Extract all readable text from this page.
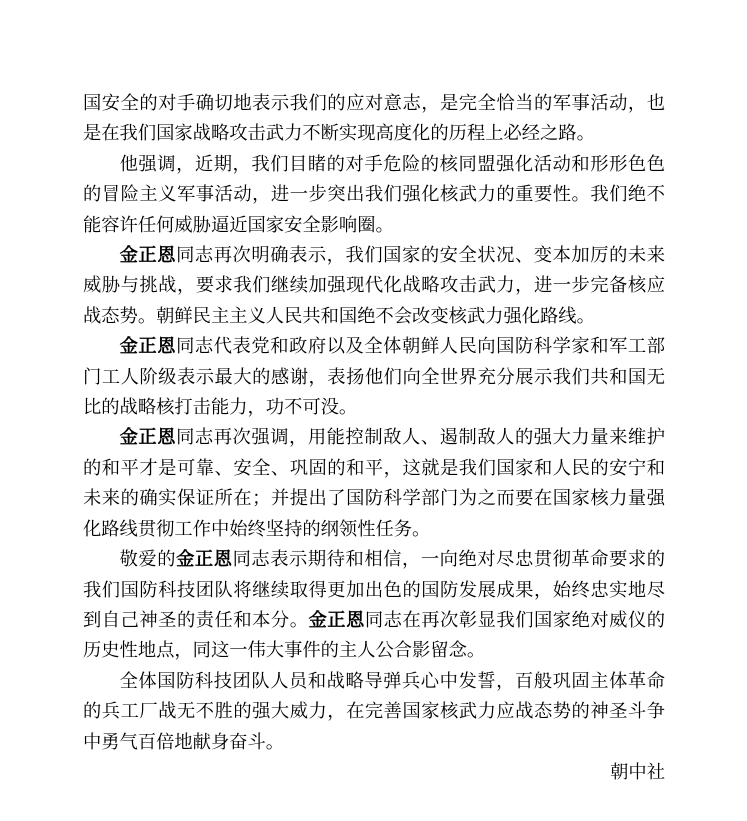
国安全的对手确切地表示我们的应对意志，是完全恰当的军事活动，也是在我们国家战略攻击武力不断实现高度化的历程上必经之路。

他强调，近期，我们目睹的对手危险的核同盟强化活动和形形色色的冒险主义军事活动，进一步突出我们强化核武力的重要性。我们绝不能容许任何威胁逼近国家安全影响圈。

金正恩同志再次明确表示，我们国家的安全状况、变本加厉的未来威胁与挑战，要求我们继续加强现代化战略攻击武力，进一步完备核应战态势。朝鲜民主主义人民共和国绝不会改变核武力强化路线。

金正恩同志代表党和政府以及全体朝鲜人民向国防科学家和军工部门工人阶级表示最大的感谢，表扬他们向全世界充分展示我们共和国无比的战略核打击能力，功不可没。

金正恩同志再次强调，用能控制敌人、遏制敌人的强大力量来维护的和平才是可靠、安全、巩固的和平，这就是我们国家和人民的安宁和未来的确实保证所在；并提出了国防科学部门为之而要在国家核力量强化路线贯彻工作中始终坚持的纲领性任务。

敬爱的金正恩同志表示期待和相信，一向绝对尽忠贯彻革命要求的我们国防科技团队将继续取得更加出色的国防发展成果，始终忠实地尽到自己神圣的责任和本分。金正恩同志在再次彰显我们国家绝对威仪的历史性地点，同这一伟大事件的主人公合影留念。

全体国防科技团队人员和战略导弹兵心中发誓，百般巩固主体革命的兵工厂战无不胜的强大威力，在完善国家核武力应战态势的神圣斗争中勇气百倍地献身奋斗。

朝中社
